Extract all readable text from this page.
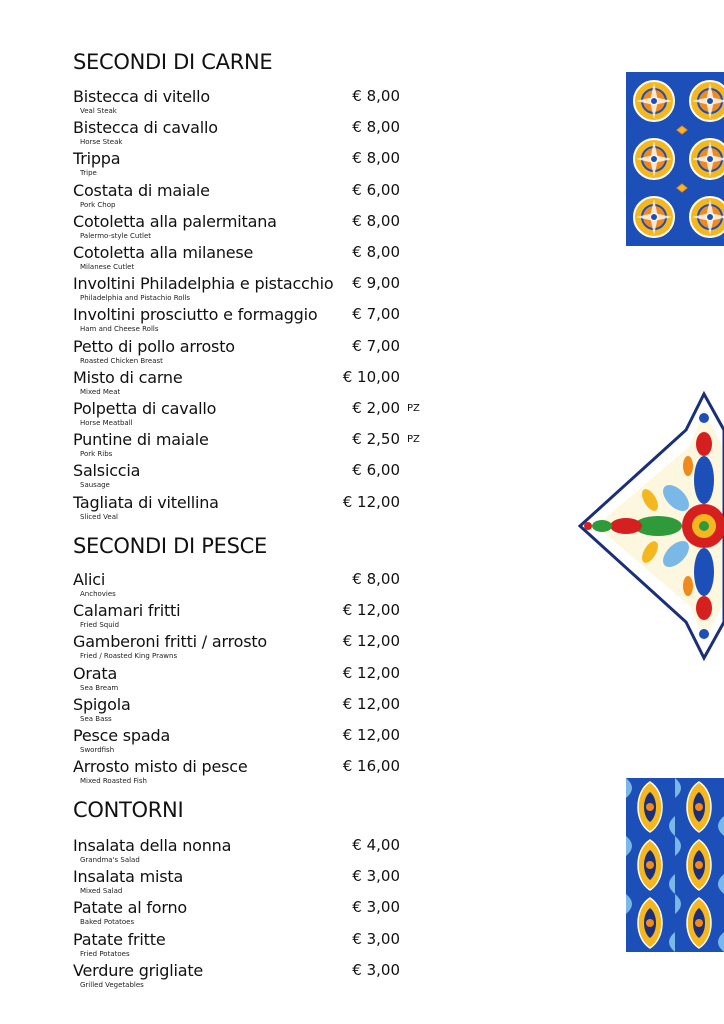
SECONDI DI CARNE
Bistecca di vitello
Veal Steak
€ 8,00
Bistecca di cavallo
Horse Steak
€ 8,00
Trippa
Tripe
€ 8,00
Costata di maiale
Pork Chop
€ 6,00
Cotoletta alla palermitana
Palermo-style Cutlet
€ 8,00
Cotoletta alla milanese
Milanese Cutlet
€ 8,00
Involtini Philadelphia e pistacchio
Philadelphia and Pistachio Rolls
€ 9,00
Involtini prosciutto e formaggio
Ham and Cheese Rolls
€ 7,00
Petto di pollo arrosto
Roasted Chicken Breast
€ 7,00
Misto di carne
Mixed Meat
€ 10,00
Polpetta di cavallo
Horse Meatball
€ 2,00 PZ
Puntine di maiale
Pork Ribs
€ 2,50 PZ
Salsiccia
Sausage
€ 6,00
Tagliata di vitellina
Sliced Veal
€ 12,00
SECONDI DI PESCE
Alici
Anchovies
€ 8,00
Calamari fritti
Fried Squid
€ 12,00
Gamberoni fritti / arrosto
Fried / Roasted King Prawns
€ 12,00
Orata
Sea Bream
€ 12,00
Spigola
Sea Bass
€ 12,00
Pesce spada
Swordfish
€ 12,00
Arrosto misto di pesce
Mixed Roasted Fish
€ 16,00
CONTORNI
Insalata della nonna
Grandma's Salad
€ 4,00
Insalata mista
Mixed Salad
€ 3,00
Patate al forno
Baked Potatoes
€ 3,00
Patate fritte
Fried Potatoes
€ 3,00
Verdure grigliate
Grilled Vegetables
€ 3,00
